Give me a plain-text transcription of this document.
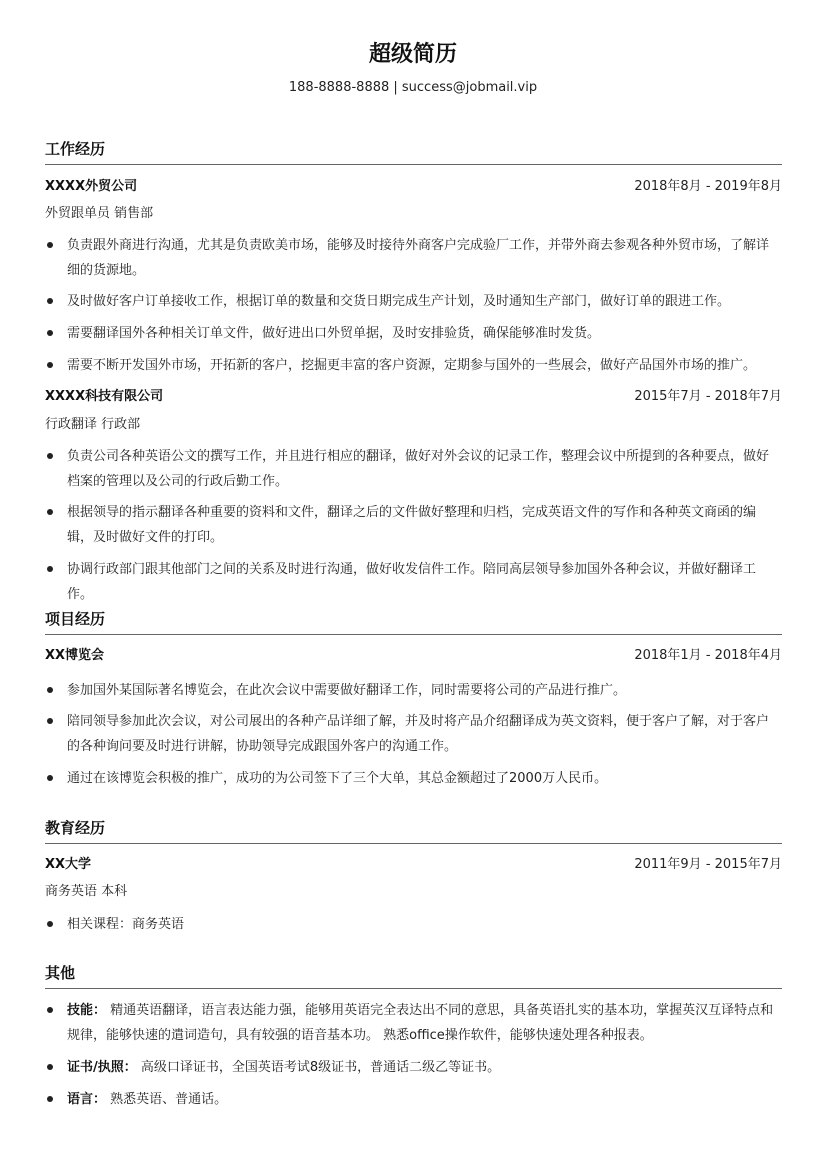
超级简历
188-8888-8888 | success@jobmail.vip
工作经历
XXXX外贸公司	2018年8月 - 2019年8月
外贸跟单员 销售部
负责跟外商进行沟通，尤其是负责欧美市场，能够及时接待外商客户完成验厂工作，并带外商去参观各种外贸市场，了解详细的货源地。
及时做好客户订单接收工作，根据订单的数量和交货日期完成生产计划，及时通知生产部门，做好订单的跟进工作。
需要翻译国外各种相关订单文件，做好进出口外贸单据，及时安排验货，确保能够准时发货。
需要不断开发国外市场，开拓新的客户，挖掘更丰富的客户资源，定期参与国外的一些展会，做好产品国外市场的推广。
XXXX科技有限公司	2015年7月 - 2018年7月
行政翻译 行政部
负责公司各种英语公文的撰写工作，并且进行相应的翻译，做好对外会议的记录工作，整理会议中所提到的各种要点，做好档案的管理以及公司的行政后勤工作。
根据领导的指示翻译各种重要的资料和文件，翻译之后的文件做好整理和归档，完成英语文件的写作和各种英文商函的编辑，及时做好文件的打印。
协调行政部门跟其他部门之间的关系及时进行沟通，做好收发信件工作。陪同高层领导参加国外各种会议，并做好翻译工作。
项目经历
XX博览会	2018年1月 - 2018年4月
参加国外某国际著名博览会，在此次会议中需要做好翻译工作，同时需要将公司的产品进行推广。
陪同领导参加此次会议，对公司展出的各种产品详细了解，并及时将产品介绍翻译成为英文资料，便于客户了解，对于客户的各种询问要及时进行讲解，协助领导完成跟国外客户的沟通工作。
通过在该博览会积极的推广，成功的为公司签下了三个大单，其总金额超过了2000万人民币。
教育经历
XX大学	2011年9月 - 2015年7月
商务英语 本科
相关课程：商务英语
其他
技能： 精通英语翻译，语言表达能力强，能够用英语完全表达出不同的意思，具备英语扎实的基本功，掌握英汉互译特点和规律，能够快速的遣词造句，具有较强的语音基本功。 熟悉office操作软件，能够快速处理各种报表。
证书/执照： 高级口译证书，全国英语考试8级证书，普通话二级乙等证书。
语言： 熟悉英语、普通话。
